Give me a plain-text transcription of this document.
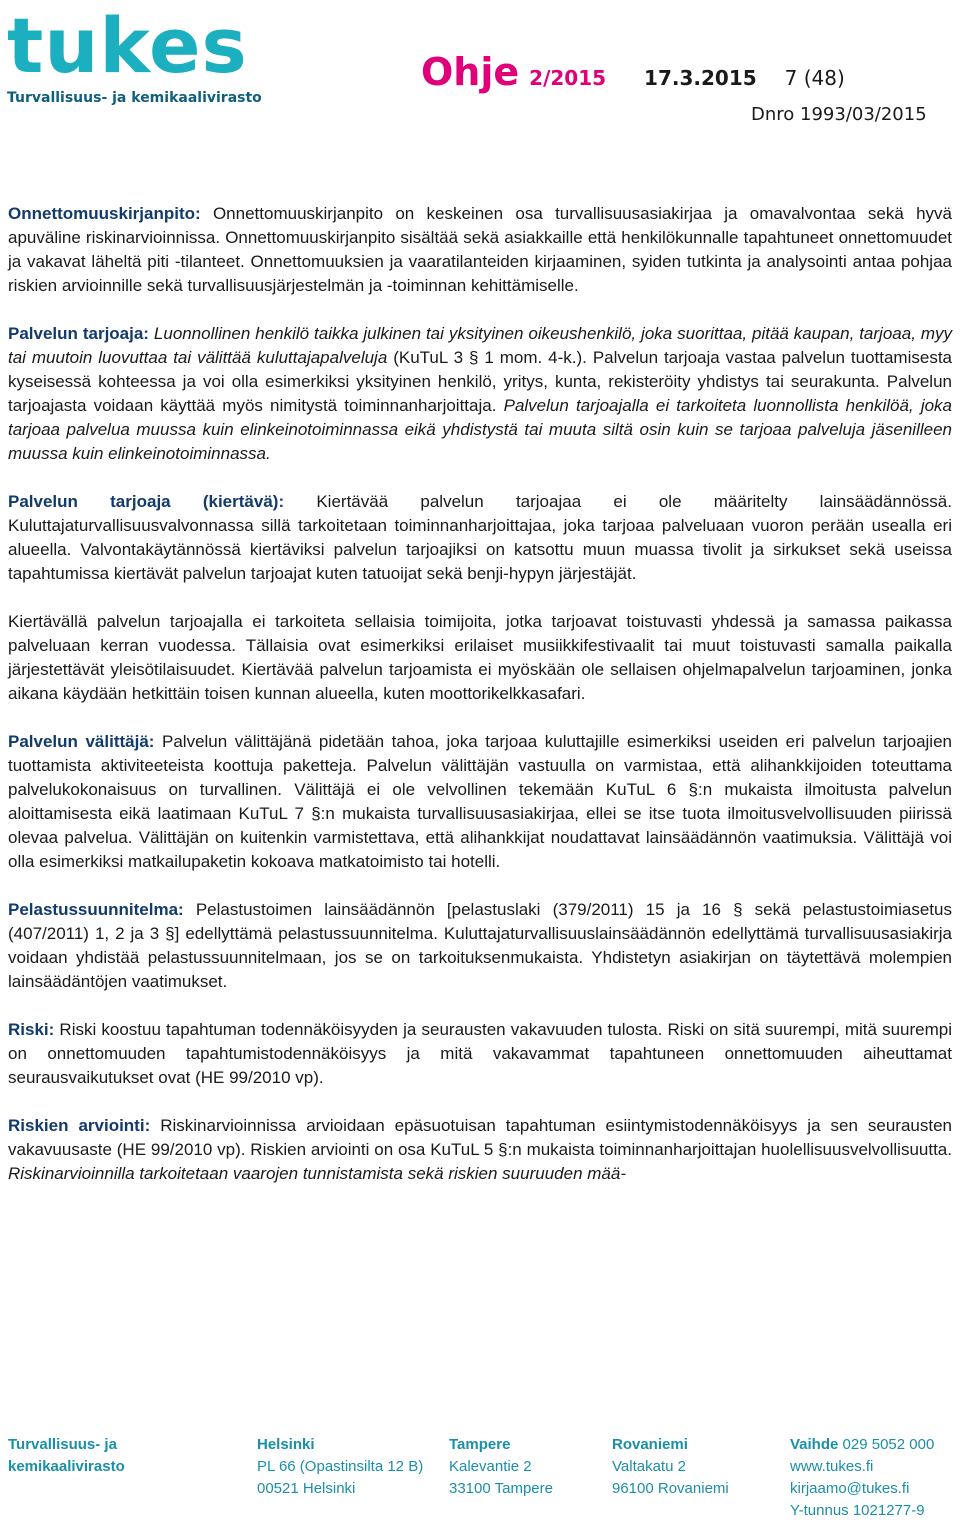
tukes
Turvallisuus- ja kemikaalivirasto
Ohje 2/2015 17.3.2015 7 (48)
Dnro 1993/03/2015

Onnettomuuskirjanpito: Onnettomuuskirjanpito on keskeinen osa turvallisuusasiakirjaa ja omavalvontaa sekä hyvä apuväline riskinarvioinnissa. Onnettomuuskirjanpito sisältää sekä asiakkaille että henkilökunnalle tapahtuneet onnettomuudet ja vakavat läheltä piti -tilanteet. Onnettomuuksien ja vaaratilanteiden kirjaaminen, syiden tutkinta ja analysointi antaa pohjaa riskien arvioinnille sekä turvallisuusjärjestelmän ja -toiminnan kehittämiselle.

Palvelun tarjoaja: Luonnollinen henkilö taikka julkinen tai yksityinen oikeushenkilö, joka suorittaa, pitää kaupan, tarjoaa, myy tai muutoin luovuttaa tai välittää kuluttajapalveluja (KuTuL 3 § 1 mom. 4-k.). Palvelun tarjoaja vastaa palvelun tuottamisesta kyseisessä kohteessa ja voi olla esimerkiksi yksityinen henkilö, yritys, kunta, rekisteröity yhdistys tai seurakunta. Palvelun tarjoajasta voidaan käyttää myös nimitystä toiminnanharjoittaja. Palvelun tarjoajalla ei tarkoiteta luonnollista henkilöä, joka tarjoaa palvelua muussa kuin elinkeinotoiminnassa eikä yhdistystä tai muuta siltä osin kuin se tarjoaa palveluja jäsenilleen muussa kuin elinkeinotoiminnassa.

Palvelun tarjoaja (kiertävä): Kiertävää palvelun tarjoajaa ei ole määritelty lainsäädännössä. Kuluttajaturvallisuusvalvonnassa sillä tarkoitetaan toiminnanharjoittajaa, joka tarjoaa palveluaan vuoron perään usealla eri alueella. Valvontakäytännössä kiertäviksi palvelun tarjoajiksi on katsottu muun muassa tivolit ja sirkukset sekä useissa tapahtumissa kiertävät palvelun tarjoajat kuten tatuoijat sekä benji-hypyn järjestäjät.

Kiertävällä palvelun tarjoajalla ei tarkoiteta sellaisia toimijoita, jotka tarjoavat toistuvasti yhdessä ja samassa paikassa palveluaan kerran vuodessa. Tällaisia ovat esimerkiksi erilaiset musiikkifestivaalit tai muut toistuvasti samalla paikalla järjestettävät yleisötilaisuudet. Kiertävää palvelun tarjoamista ei myöskään ole sellaisen ohjelmapalvelun tarjoaminen, jonka aikana käydään hetkittäin toisen kunnan alueella, kuten moottorikelkkasafari.

Palvelun välittäjä: Palvelun välittäjänä pidetään tahoa, joka tarjoaa kuluttajille esimerkiksi useiden eri palvelun tarjoajien tuottamista aktiviteeteista koottuja paketteja. Palvelun välittäjän vastuulla on varmistaa, että alihankkijoiden toteuttama palvelukokonaisuus on turvallinen. Välittäjä ei ole velvollinen tekemään KuTuL 6 §:n mukaista ilmoitusta palvelun aloittamisesta eikä laatimaan KuTuL 7 §:n mukaista turvallisuusasiakirjaa, ellei se itse tuota ilmoitusvelvollisuuden piirissä olevaa palvelua. Välittäjän on kuitenkin varmistettava, että alihankkijat noudattavat lainsäädännön vaatimuksia. Välittäjä voi olla esimerkiksi matkailupaketin kokoava matkatoimisto tai hotelli.

Pelastussuunnitelma: Pelastustoimen lainsäädännön [pelastuslaki (379/2011) 15 ja 16 § sekä pelastustoimiasetus (407/2011) 1, 2 ja 3 §] edellyttämä pelastussuunnitelma. Kuluttajaturvallisuuslainsäädännön edellyttämä turvallisuusasiakirja voidaan yhdistää pelastussuunnitelmaan, jos se on tarkoituksenmukaista. Yhdistetyn asiakirjan on täytettävä molempien lainsäädäntöjen vaatimukset.

Riski: Riski koostuu tapahtuman todennäköisyyden ja seurausten vakavuuden tulosta. Riski on sitä suurempi, mitä suurempi on onnettomuuden tapahtumistodennäköisyys ja mitä vakavammat tapahtuneen onnettomuuden aiheuttamat seurausvaikutukset ovat (HE 99/2010 vp).

Riskien arviointi: Riskinarvioinnissa arvioidaan epäsuotuisan tapahtuman esiintymistodennäköisyys ja sen seurausten vakavuusaste (HE 99/2010 vp). Riskien arviointi on osa KuTuL 5 §:n mukaista toiminnanharjoittajan huolellisuusvelvollisuutta. Riskinarvioinnilla tarkoitetaan vaarojen tunnistamista sekä riskien suuruuden mää-

Turvallisuus- ja
kemikaalivirasto
Helsinki
PL 66 (Opastinsilta 12 B)
00521 Helsinki
Tampere
Kalevantie 2
33100 Tampere
Rovaniemi
Valtakatu 2
96100 Rovaniemi
Vaihde 029 5052 000
www.tukes.fi
kirjaamo@tukes.fi
Y-tunnus 1021277-9
